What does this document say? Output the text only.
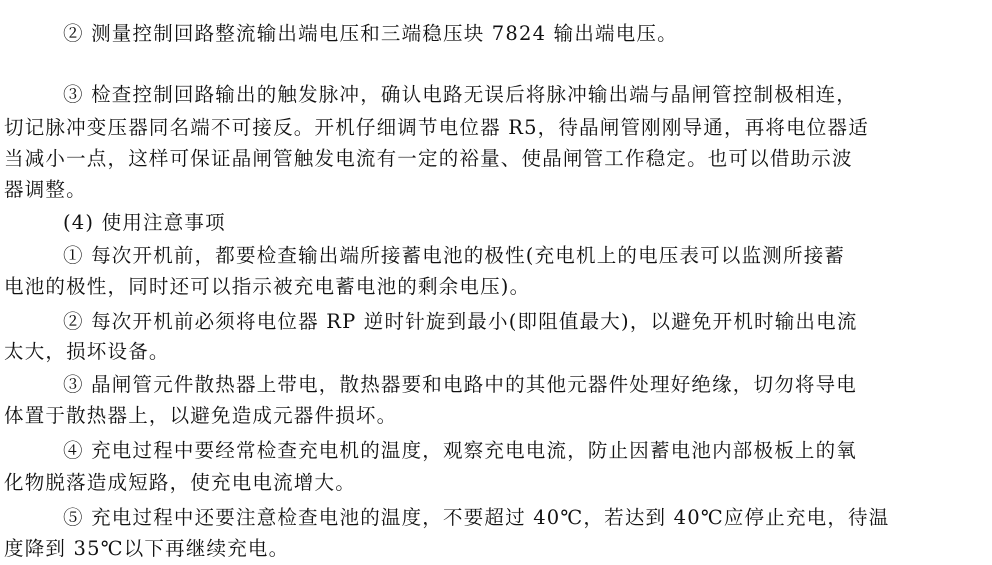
② 测量控制回路整流输出端电压和三端稳压块 7824 输出端电压。
③ 检查控制回路输出的触发脉冲，确认电路无误后将脉冲输出端与晶闸管控制极相连，
切记脉冲变压器同名端不可接反。开机仔细调节电位器 R5，待晶闸管刚刚导通，再将电位器适
当减小一点，这样可保证晶闸管触发电流有一定的裕量、使晶闸管工作稳定。也可以借助示波
器调整。
(4) 使用注意事项
① 每次开机前，都要检查输出端所接蓄电池的极性(充电机上的电压表可以监测所接蓄
电池的极性，同时还可以指示被充电蓄电池的剩余电压)。
② 每次开机前必须将电位器 RP 逆时针旋到最小(即阻值最大)，以避免开机时输出电流
太大，损坏设备。
③ 晶闸管元件散热器上带电，散热器要和电路中的其他元器件处理好绝缘，切勿将导电
体置于散热器上，以避免造成元器件损坏。
④ 充电过程中要经常检查充电机的温度，观察充电电流，防止因蓄电池内部极板上的氧
化物脱落造成短路，使充电电流增大。
⑤ 充电过程中还要注意检查电池的温度，不要超过 40℃，若达到 40℃应停止充电，待温
度降到 35℃以下再继续充电。
